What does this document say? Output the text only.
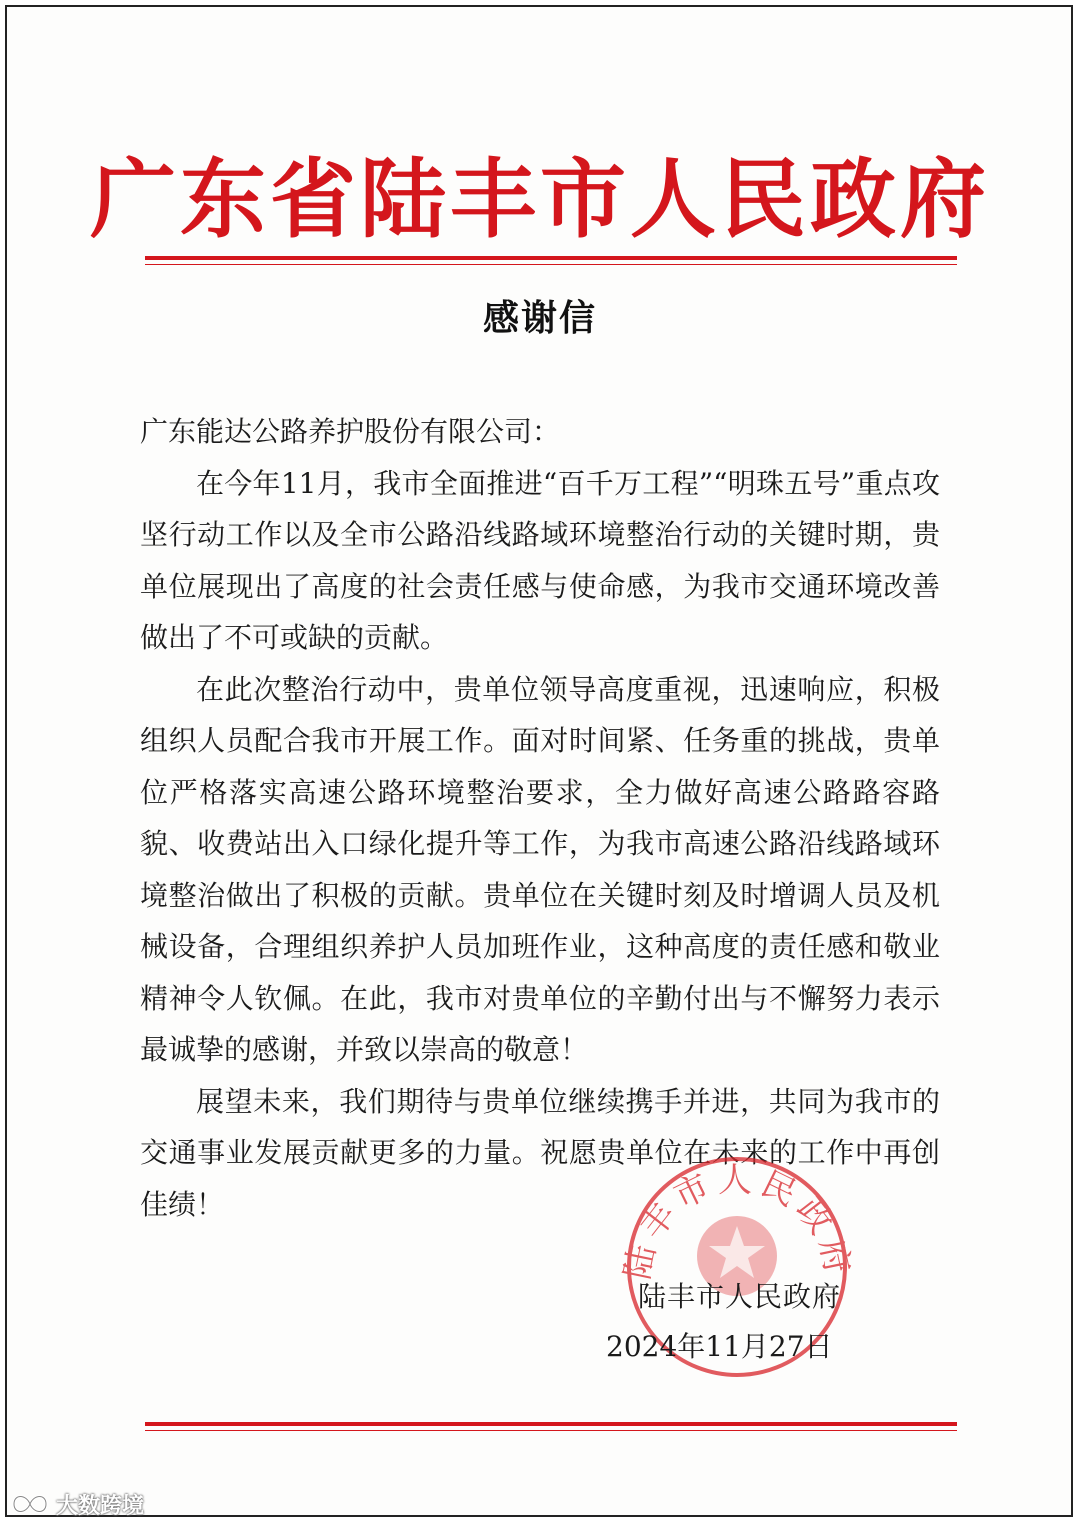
广东省陆丰市人民政府
感谢信

广东能达公路养护股份有限公司：

在今年11月，我市全面推进“百千万工程”“明珠五号”重点攻坚行动工作以及全市公路沿线路域环境整治行动的关键时期，贵单位展现出了高度的社会责任感与使命感，为我市交通环境改善做出了不可或缺的贡献。

在此次整治行动中，贵单位领导高度重视，迅速响应，积极组织人员配合我市开展工作。面对时间紧、任务重的挑战，贵单位严格落实高速公路环境整治要求，全力做好高速公路路容路貌、收费站出入口绿化提升等工作，为我市高速公路沿线路域环境整治做出了积极的贡献。贵单位在关键时刻及时增调人员及机械设备，合理组织养护人员加班作业，这种高度的责任感和敬业精神令人钦佩。在此，我市对贵单位的辛勤付出与不懈努力表示最诚挚的感谢，并致以崇高的敬意！

展望未来，我们期待与贵单位继续携手并进，共同为我市的交通事业发展贡献更多的力量。祝愿贵单位在未来的工作中再创佳绩！

陆丰市人民政府
陆丰市人民政府
2024年11月27日
大数跨境
